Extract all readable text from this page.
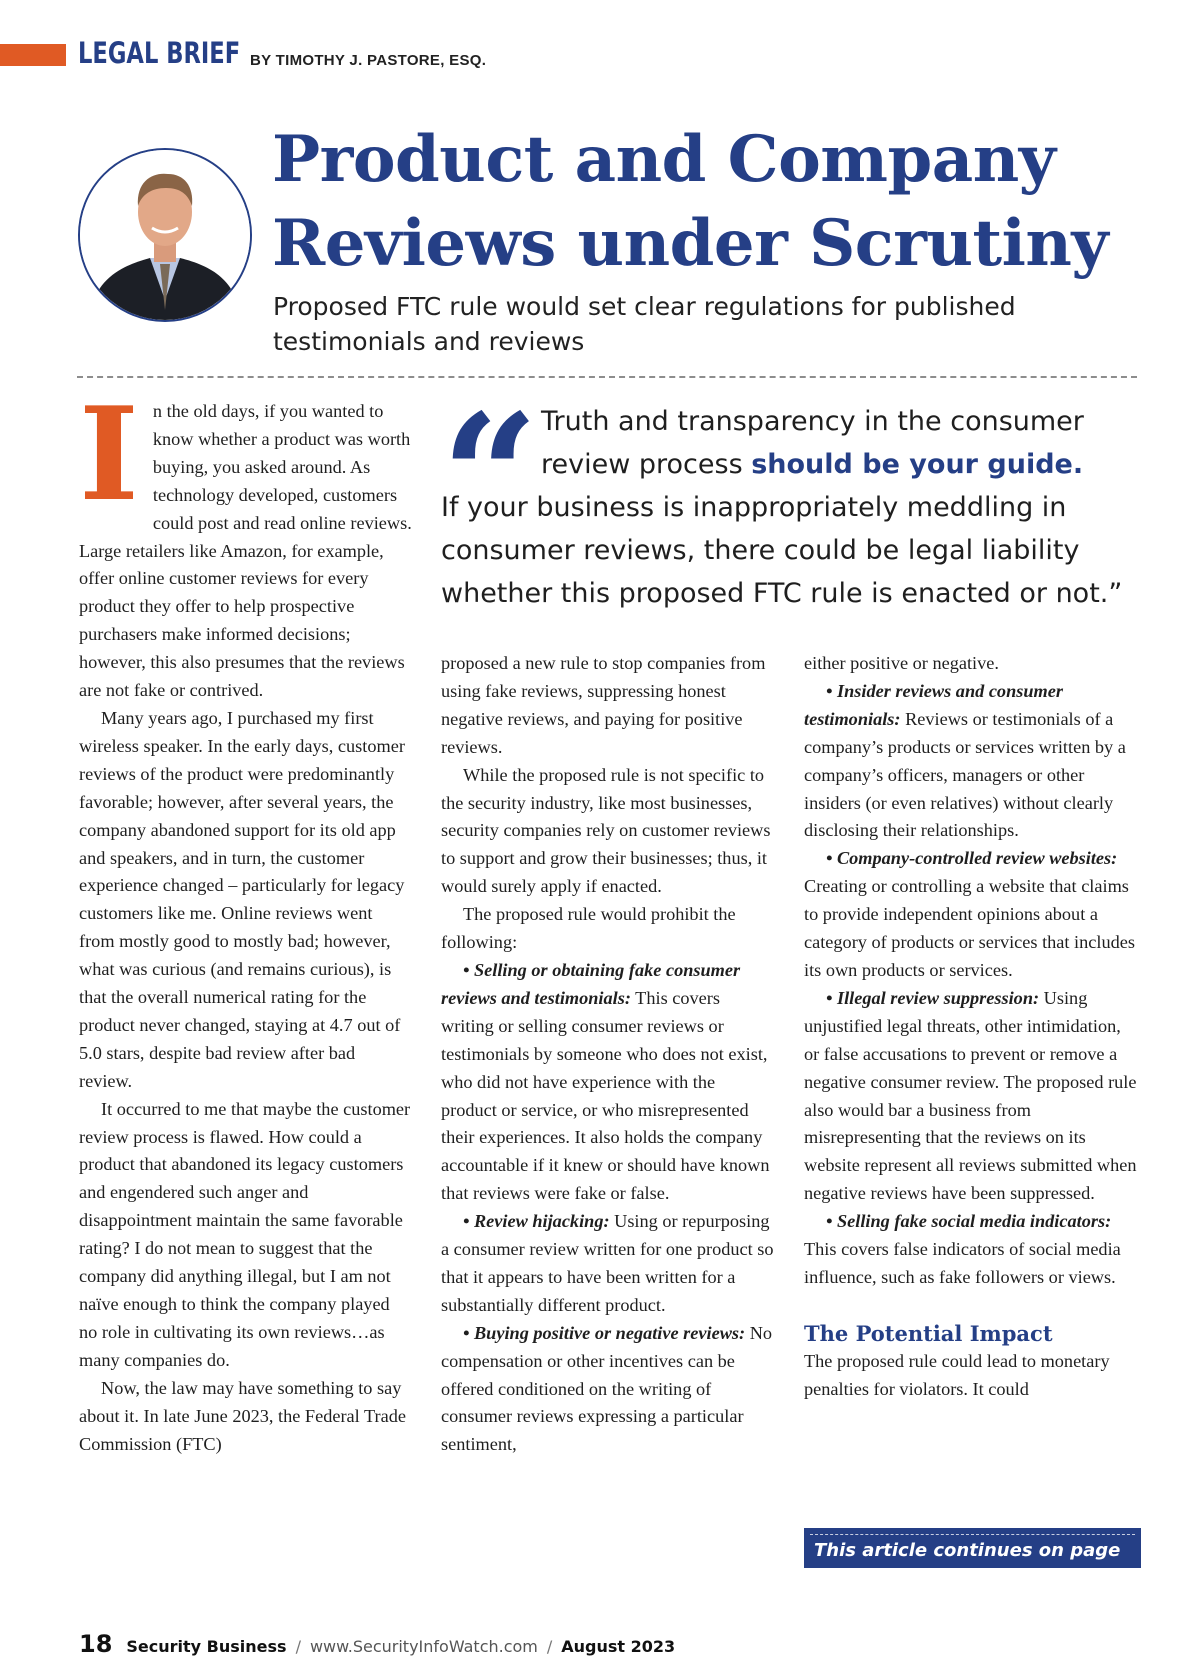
LEGAL BRIEF BY TIMOTHY J. PASTORE, ESQ.
Product and Company
Reviews under Scrutiny

Proposed FTC rule would set clear regulations for published testimonials and reviews

I n the old days, if you wanted to know whether a product was worth buying, you asked around. As technology developed, customers could post and read online reviews. Large retailers like Amazon, for example, offer online customer reviews for every product they offer to help prospective purchasers make informed decisions; however, this also presumes that the reviews are not fake or contrived.

Many years ago, I purchased my first wireless speaker. In the early days, customer reviews of the product were predominantly favorable; however, after several years, the company abandoned support for its old app and speakers, and in turn, the customer experience changed – particularly for legacy customers like me. Online reviews went from mostly good to mostly bad; however, what was curious (and remains curious), is that the overall numerical rating for the product never changed, staying at 4.7 out of 5.0 stars, despite bad review after bad review.

It occurred to me that maybe the customer review process is flawed. How could a product that abandoned its legacy customers and engendered such anger and disappointment maintain the same favorable rating? I do not mean to suggest that the company did anything illegal, but I am not naïve enough to think the company played no role in cultivating its own reviews…as many companies do.

Now, the law may have something to say about it. In late June 2023, the Federal Trade Commission (FTC)

“ Truth and transparency in the consumer
review process should be your guide.
If your business is inappropriately meddling in consumer reviews, there could be legal liability whether this proposed FTC rule is enacted or not.”

proposed a new rule to stop companies from using fake reviews, suppressing honest negative reviews, and paying for positive reviews.

While the proposed rule is not specific to the security industry, like most businesses, security companies rely on customer reviews to support and grow their businesses; thus, it would surely apply if enacted.

The proposed rule would prohibit the following:

• Selling or obtaining fake consumer reviews and testimonials: This covers writing or selling consumer reviews or testimonials by someone who does not exist, who did not have experience with the product or service, or who misrepresented their experiences. It also holds the company accountable if it knew or should have known that reviews were fake or false.

• Review hijacking: Using or repurposing a consumer review written for one product so that it appears to have been written for a substantially different product.

• Buying positive or negative reviews: No compensation or other incentives can be offered conditioned on the writing of consumer reviews expressing a particular sentiment,

either positive or negative.

• Insider reviews and consumer testimonials: Reviews or testimonials of a company’s products or services written by a company’s officers, managers or other insiders (or even relatives) without clearly disclosing their relationships.

• Company-controlled review websites: Creating or controlling a website that claims to provide independent opinions about a category of products or services that includes its own products or services.

• Illegal review suppression: Using unjustified legal threats, other intimidation, or false accusations to prevent or remove a negative consumer review. The proposed rule also would bar a business from misrepresenting that the reviews on its website represent all reviews submitted when negative reviews have been suppressed.

• Selling fake social media indicators: This covers false indicators of social media influence, such as fake followers or views.

The Potential Impact

The proposed rule could lead to monetary penalties for violators. It could

This article continues on page 55
18 Security Business / www.SecurityInfoWatch.com / August 2023
